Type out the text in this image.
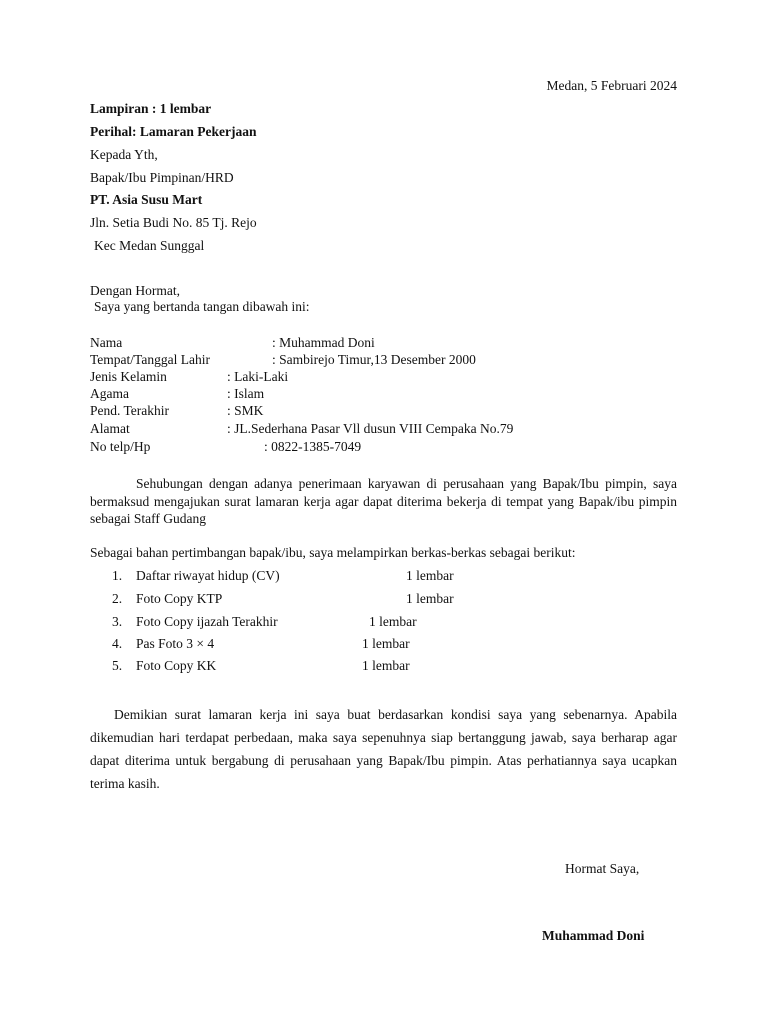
Medan, 5 Februari 2024
Lampiran : 1 lembar
Perihal: Lamaran Pekerjaan
Kepada Yth,
Bapak/Ibu Pimpinan/HRD
PT. Asia Susu Mart
Jln. Setia Budi No. 85 Tj. Rejo
Kec Medan Sunggal
Dengan Hormat,
Saya yang bertanda tangan dibawah ini:
Nama	: Muhammad Doni
Tempat/Tanggal Lahir	: Sambirejo Timur,13 Desember 2000
Jenis Kelamin	: Laki-Laki
Agama	: Islam
Pend. Terakhir	: SMK
Alamat	: JL.Sederhana Pasar Vll dusun VIII Cempaka No.79
No telp/Hp	: 0822-1385-7049
Sehubungan dengan adanya penerimaan karyawan di perusahaan yang Bapak/Ibu pimpin, saya bermaksud mengajukan surat lamaran kerja agar dapat diterima bekerja di tempat yang Bapak/ibu pimpin sebagai Staff Gudang
Sebagai bahan pertimbangan bapak/ibu, saya melampirkan berkas-berkas sebagai berikut:
1. Daftar riwayat hidup (CV)	1 lembar
2. Foto Copy KTP	1 lembar
3. Foto Copy ijazah Terakhir	1 lembar
4. Pas Foto 3 × 4	1 lembar
5. Foto Copy KK	1 lembar
Demikian surat lamaran kerja ini saya buat berdasarkan kondisi saya yang sebenarnya. Apabila dikemudian hari terdapat perbedaan, maka saya sepenuhnya siap bertanggung jawab, saya berharap agar dapat diterima untuk bergabung di perusahaan yang Bapak/Ibu pimpin. Atas perhatiannya saya ucapkan terima kasih.
Hormat Saya,
Muhammad Doni
